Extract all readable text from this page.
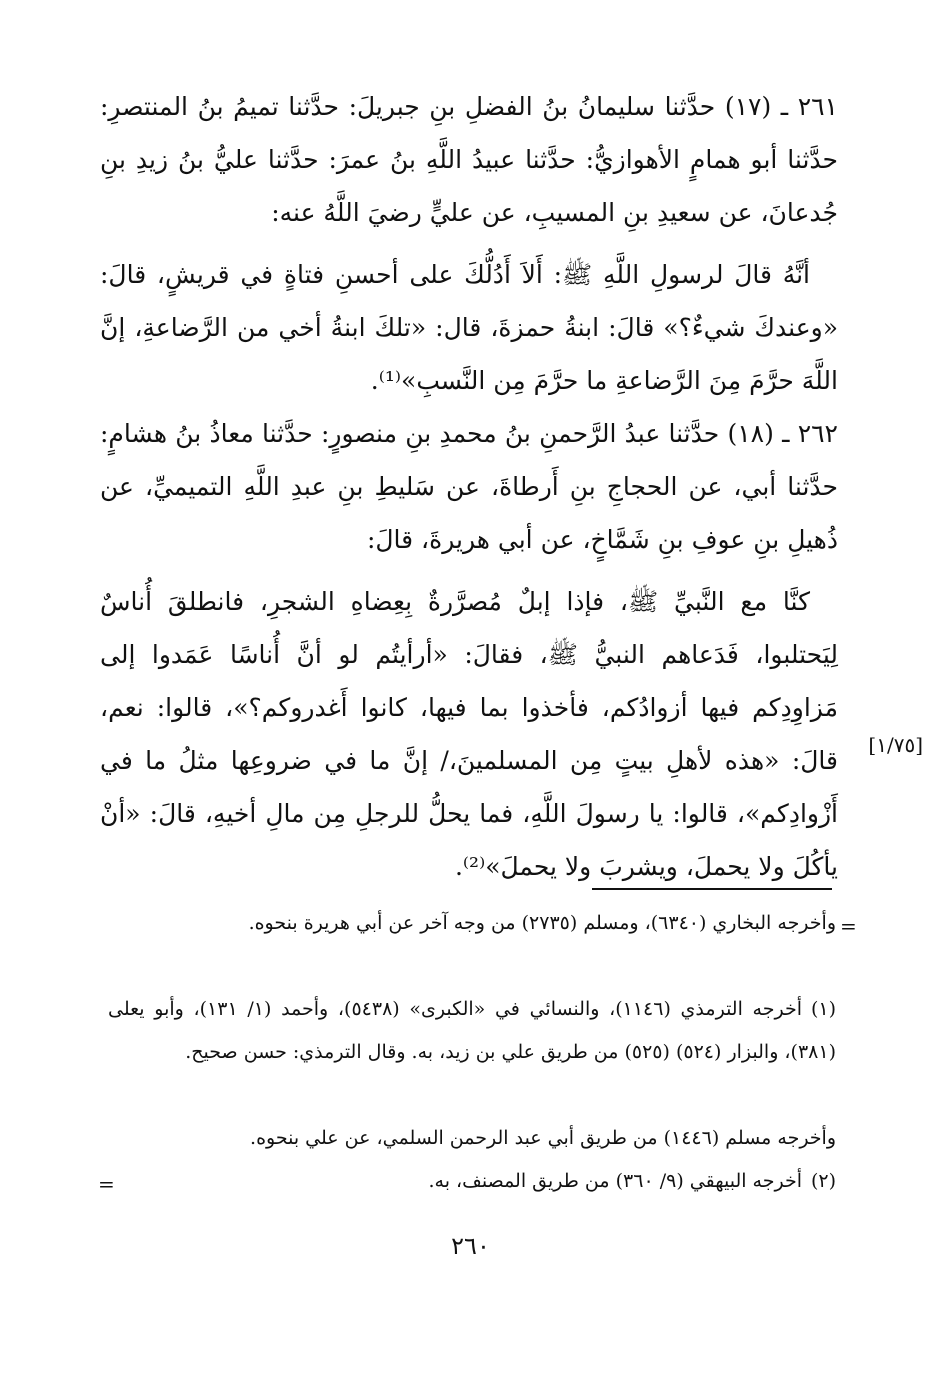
٢٦١ ـ (١٧) حدَّثنا سليمانُ بنُ الفضلِ بنِ جبريلَ: حدَّثنا تميمُ بنُ المنتصرِ: حدَّثنا أبو همامٍ الأهوازيُّ: حدَّثنا عبيدُ اللَّهِ بنُ عمرَ: حدَّثنا عليُّ بنُ زيدِ بنِ جُدعانَ، عن سعيدِ بنِ المسيبِ، عن عليٍّ رضيَ اللَّهُ عنه:

أنَّهُ قالَ لرسولِ اللَّهِ ﷺ: أَلاَ أَدُلُّكَ على أحسنِ فتاةٍ في قريشٍ، قالَ: «وعندكَ شيءٌ؟» قالَ: ابنةُ حمزةَ، قال: «تلكَ ابنةُ أخي من الرَّضاعةِ، إنَّ اللَّهَ حرَّمَ مِنَ الرَّضاعةِ ما حرَّمَ مِن النَّسبِ»⁽¹⁾.

٢٦٢ ـ (١٨) حدَّثنا عبدُ الرَّحمنِ بنُ محمدِ بنِ منصورٍ: حدَّثنا معاذُ بنُ هشامٍ: حدَّثنا أبي، عن الحجاجِ بنِ أَرطاةَ، عن سَليطِ بنِ عبدِ اللَّهِ التميميِّ، عن ذُهيلِ بنِ عوفِ بنِ شَمَّاخٍ، عن أبي هريرةَ، قالَ:

كنَّا مع النَّبيِّ ﷺ، فإذا إبلٌ مُصرَّرةٌ بِعِضاهِ الشجرِ، فانطلقَ أُناسٌ لِيَحتلبوا، فَدَعاهم النبيُّ ﷺ، فقالَ: «أرأيتُم لو أنَّ أُناسًا عَمَدوا إلى مَزاوِدِكم فيها أزوادُكم، فأخذوا بما فيها، كانوا أَغدروكم؟»، قالوا: نعم، قالَ: «هذه لأهلِ بيتٍ مِن المسلمينَ،/ إنَّ ما في ضروعِها مثلُ ما في أَزْوادِكم»، قالوا: يا رسولَ اللَّهِ، فما يحلُّ للرجلِ مِن مالِ أخيهِ، قالَ: «أنْ يأكُلَ ولا يحملَ، ويشربَ ولا يحملَ»⁽²⁾.

[١/٧٥]
=

وأخرجه البخاري (٦٣٤٠)، ومسلم (٢٧٣٥) من وجه آخر عن أبي هريرة بنحوه.

(١)أخرجه الترمذي (١١٤٦)، والنسائي في «الكبرى» (٥٤٣٨)، وأحمد (١/ ١٣١)، وأبو يعلى (٣٨١)، والبزار (٥٢٤) (٥٢٥) من طريق علي بن زيد، به. وقال الترمذي: حسن صحيح.

وأخرجه مسلم (١٤٤٦) من طريق أبي عبد الرحمن السلمي، عن علي بنحوه.

(٢)أخرجه البيهقي (٩/ ٣٦٠) من طريق المصنف، به.

=
٢٦٠
